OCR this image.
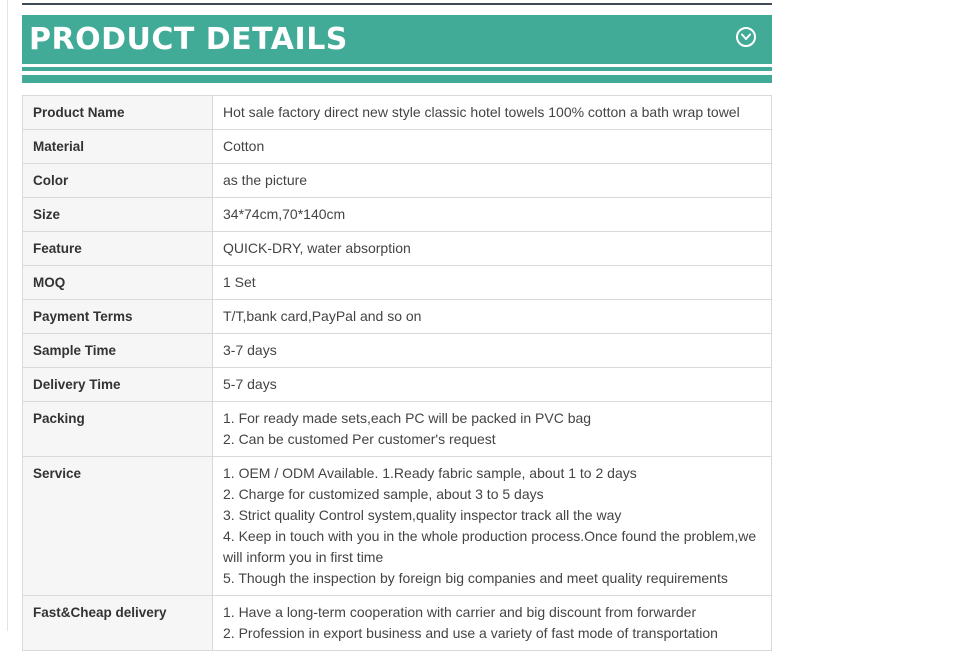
PRODUCT DETAILS
Product Name	Hot sale factory direct new style classic hotel towels 100% cotton a bath wrap towel

Material	Cotton

Color	as the picture

Size	34*74cm,70*140cm

Feature	QUICK-DRY, water absorption

MOQ	1 Set

Payment Terms	T/T,bank card,PayPal and so on

Sample Time	3-7 days

Delivery Time	5-7 days

Packing	1. For ready made sets,each PC will be packed in PVC bag
2. Can be customed Per customer's request

Service	1. OEM / ODM Available. 1.Ready fabric sample, about 1 to 2 days
2. Charge for customized sample, about 3 to 5 days
3. Strict quality Control system,quality inspector track all the way
4. Keep in touch with you in the whole production process.Once found the problem,we will inform you in first time
5. Though the inspection by foreign big companies and meet quality requirements

Fast&Cheap delivery	1. Have a long-term cooperation with carrier and big discount from forwarder
2. Profession in export business and use a variety of fast mode of transportation
